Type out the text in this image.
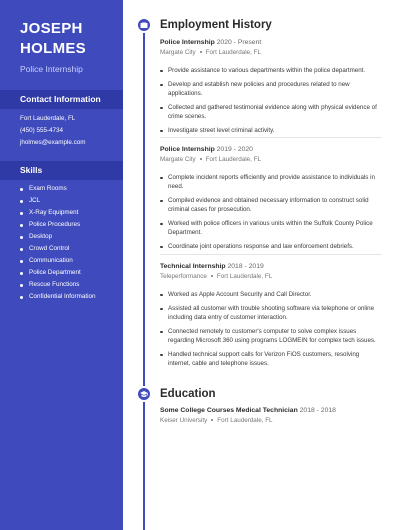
JOSEPH
HOLMES
Police Internship
Contact Information
Fort Lauderdale, FL
(450) 555-4734
jholmes@example.com
Skills
Exam Rooms
JCL
X-Ray Equipment
Police Procedures
Desktop
Crowd Control
Communication
Police Department
Rescue Functions
Confidential Information
Employment History
Police Internship 2020 - Present
Margate City Fort Lauderdale, FL
Provide assistance to various departments within the police department.
Develop and establish new policies and procedures related to new applications.
Collected and gathered testimonial evidence along with physical evidence of crime scenes.
Investigate street level criminal activity.
Police Internship 2019 - 2020
Margate City Fort Lauderdale, FL
Complete incident reports efficiently and provide assistance to individuals in need.
Compiled evidence and obtained necessary information to construct solid criminal cases for prosecution.
Worked with police officers in various units within the Suffolk County Police Department.
Coordinate joint operations response and law enforcement debriefs.
Technical Internship 2018 - 2019
Teleperformance Fort Lauderdale, FL
Worked as Apple Account Security and Call Director.
Assisted all customer with trouble shooting software via telephone or online including data entry of customer interaction.
Connected remotely to customer's computer to solve complex issues regarding Microsoft 360 using programs LOGMEIN for complex tech issues.
Handled technical support calls for Verizon FiOS customers, resolving internet, cable and telephone issues.
Education
Some College Courses Medical Technician 2018 - 2018
Keiser University Fort Lauderdale, FL
